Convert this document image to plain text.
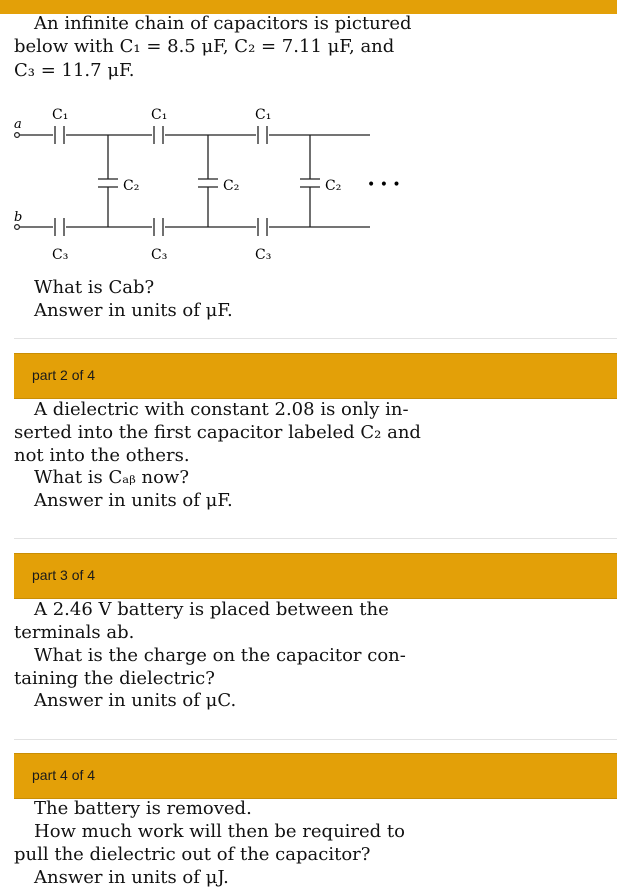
An infinite chain of capacitors is pictured
below with C₁ = 8.5 μF, C₂ = 7.11 μF, and
C₃ = 11.7 μF.
a
b
C₁	C₁	C₁
C₂	C₂	C₂
C₃	C₃	C₃
• • •
What is Cab?
Answer in units of μF.
part 2 of 4
A dielectric with constant 2.08 is only in-
serted into the first capacitor labeled C₂ and
not into the others.
What is Cₐᵦ now?
Answer in units of μF.
part 3 of 4
A 2.46 V battery is placed between the
terminals ab.
What is the charge on the capacitor con-
taining the dielectric?
Answer in units of μC.
part 4 of 4
The battery is removed.
How much work will then be required to
pull the dielectric out of the capacitor?
Answer in units of μJ.
